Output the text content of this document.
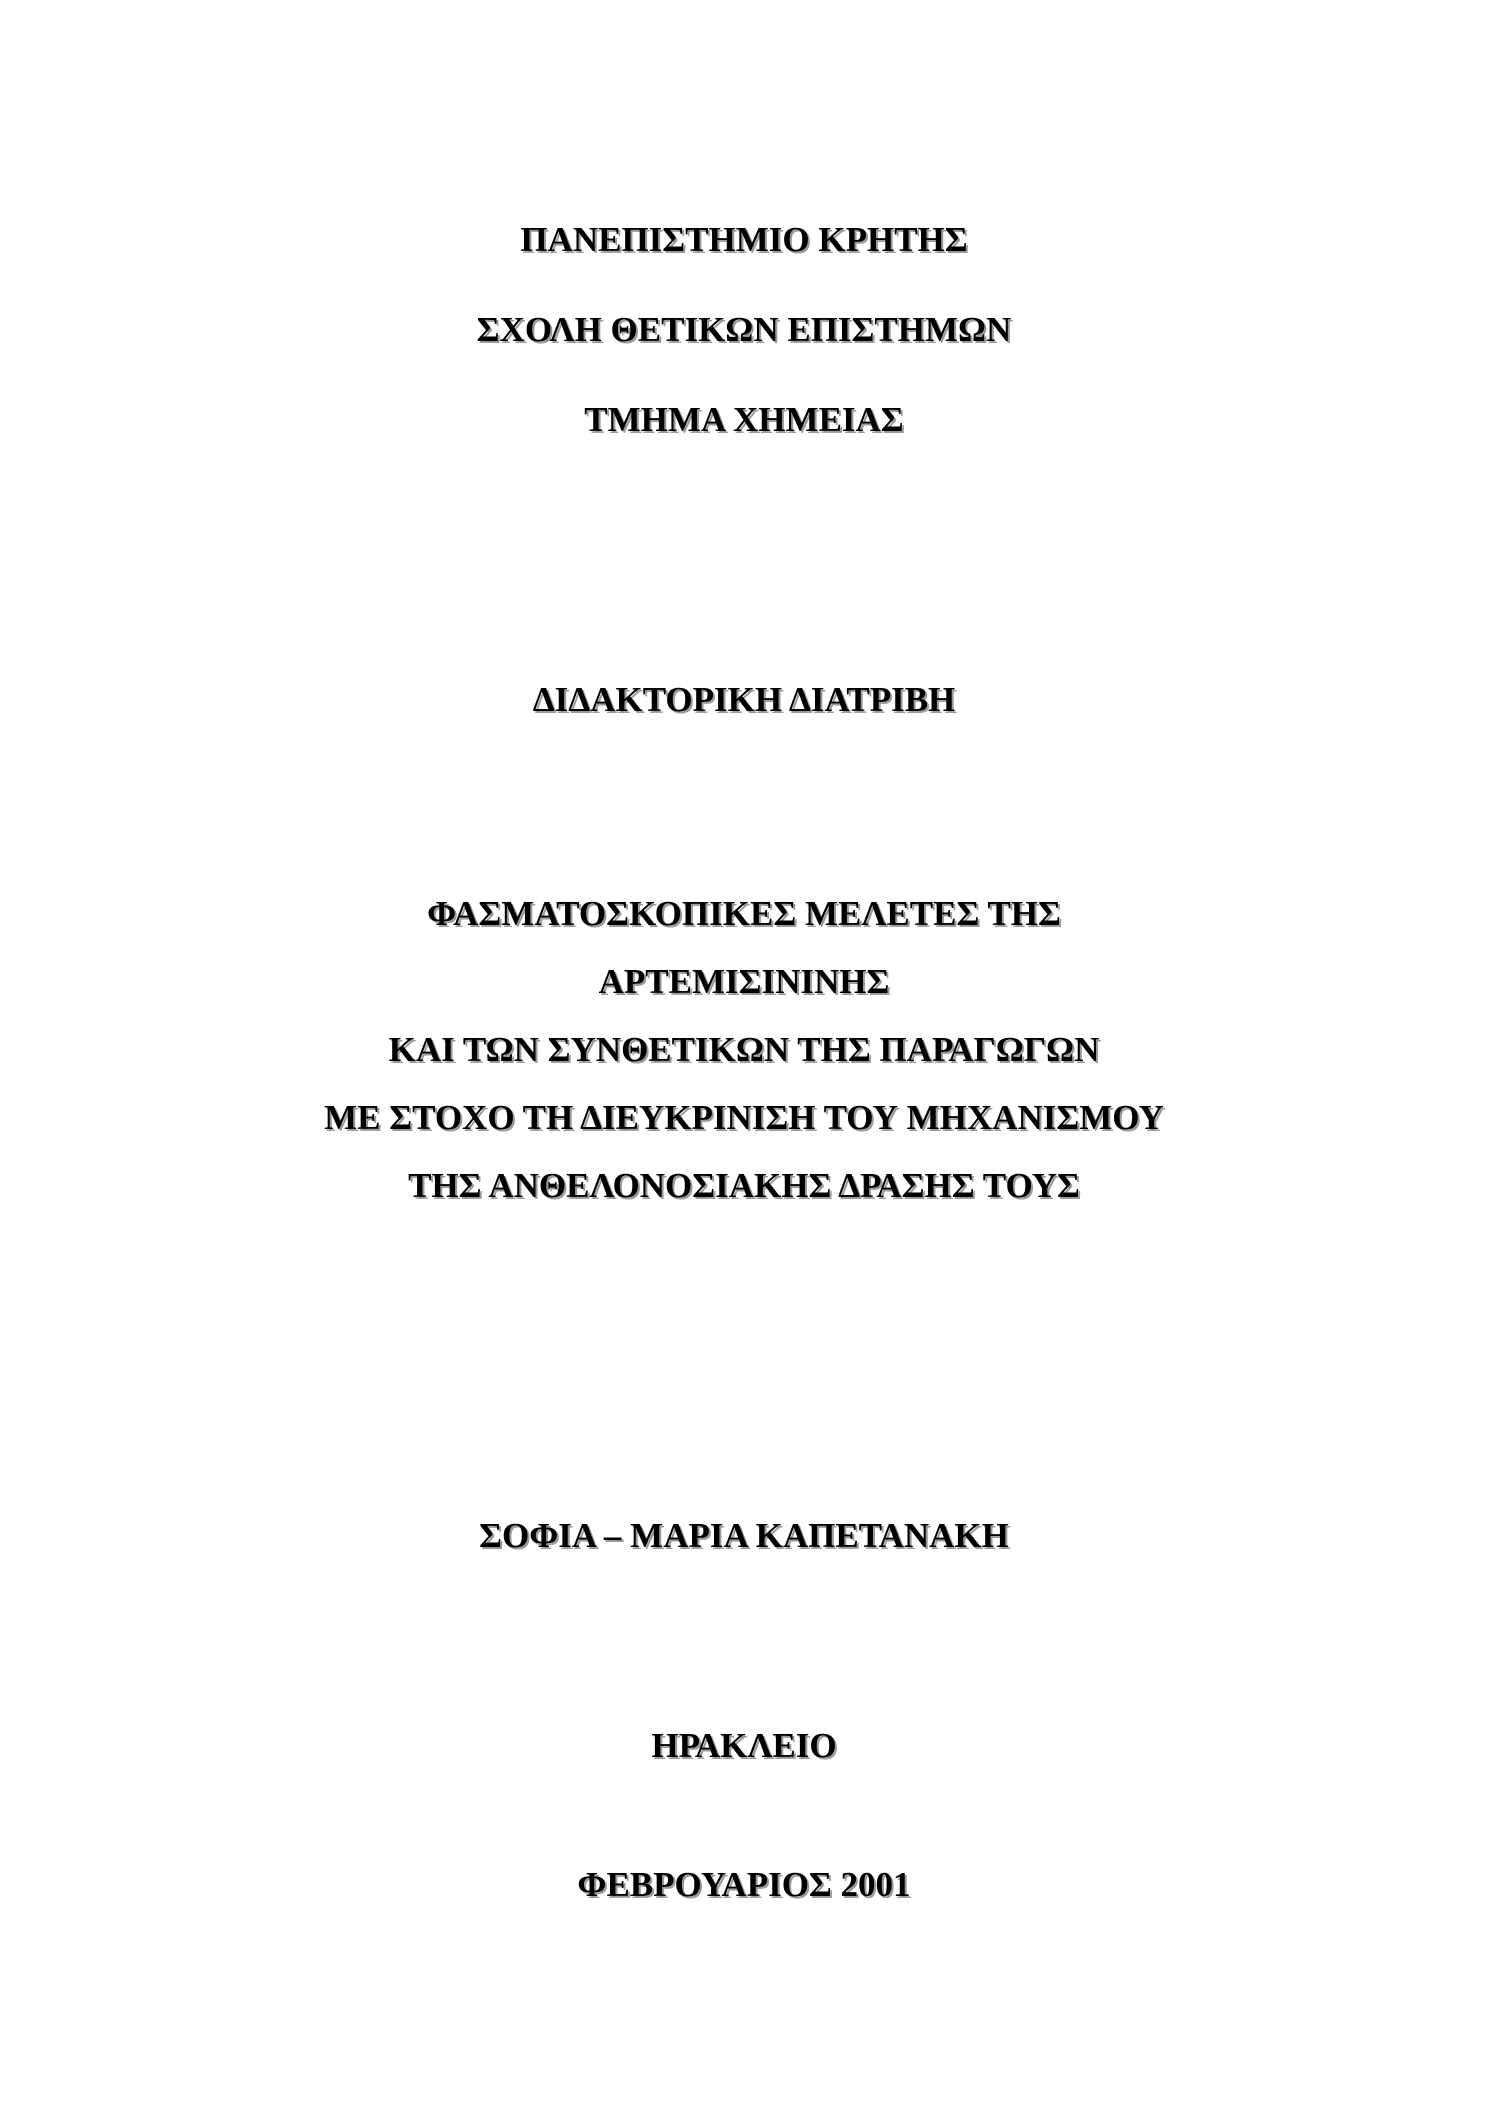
ΠΑΝΕΠΙΣΤΗΜΙΟ ΚΡΗΤΗΣ
ΣΧΟΛΗ ΘΕΤΙΚΩΝ ΕΠΙΣΤΗΜΩΝ
ΤΜΗΜΑ ΧΗΜΕΙΑΣ
ΔΙΔΑΚΤΟΡΙΚΗ ΔΙΑΤΡΙΒΗ
ΦΑΣΜΑΤΟΣΚΟΠΙΚΕΣ ΜΕΛΕΤΕΣ ΤΗΣ
ΑΡΤΕΜΙΣΙΝΙΝΗΣ
ΚΑΙ ΤΩΝ ΣΥΝΘΕΤΙΚΩΝ ΤΗΣ ΠΑΡΑΓΩΓΩΝ
ΜΕ ΣΤΟΧΟ ΤΗ ΔΙΕΥΚΡΙΝΙΣΗ ΤΟΥ ΜΗΧΑΝΙΣΜΟΥ
ΤΗΣ ΑΝΘΕΛΟΝΟΣΙΑΚΗΣ ΔΡΑΣΗΣ ΤΟΥΣ
ΣΟΦΙΑ – ΜΑΡΙΑ ΚΑΠΕΤΑΝΑΚΗ
ΗΡΑΚΛΕΙΟ
ΦΕΒΡΟΥΑΡΙΟΣ 2001
